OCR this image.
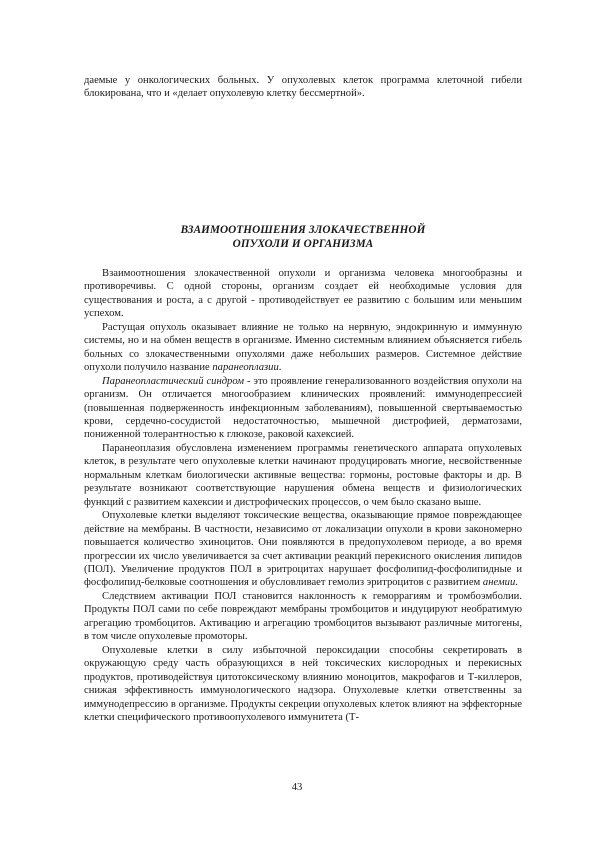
даемые у онкологических больных. У опухолевых клеток программа клеточной гибели блокирована, что и «делает опухолевую клетку бессмертной».

ВЗАИМООТНОШЕНИЯ ЗЛОКАЧЕСТВЕННОЙ
ОПУХОЛИ И ОРГАНИЗМА

Взаимоотношения злокачественной опухоли и организма человека многообразны и противоречивы. С одной стороны, организм создает ей необходимые условия для существования и роста, а с другой - противодействует ее развитию с большим или меньшим успехом.

Растущая опухоль оказывает влияние не только на нервную, эндокринную и иммунную системы, но и на обмен веществ в организме. Именно системным влиянием объясняется гибель больных со злокачественными опухолями даже небольших размеров. Системное действие опухоли получило название паранеоплазии.

Паранеопластический синдром - это проявление генерализованного воздействия опухоли на организм. Он отличается многообразием клинических проявлений: иммунодепрессией (повышенная подверженность инфекционным заболеваниям), повышенной свертываемостью крови, сердечно-сосудистой недостаточностью, мышечной дистрофией, дерматозами, пониженной толерантностью к глюкозе, раковой кахексией.

Паранеоплазия обусловлена изменением программы генетического аппарата опухолевых клеток, в результате чего опухолевые клетки начинают продуцировать многие, несвойственные нормальным клеткам биологически активные вещества: гормоны, ростовые факторы и др. В результате возникают соответствующие нарушения обмена веществ и физиологических функций с развитием кахексии и дистрофических процессов, о чем было сказано выше.

Опухолевые клетки выделяют токсические вещества, оказывающие прямое повреждающее действие на мембраны. В частности, независимо от локализации опухоли в крови закономерно повышается количество эхиноцитов. Они появляются в предопухолевом периоде, а во время прогрессии их число увеличивается за счет активации реакций перекисного окисления липидов (ПОЛ). Увеличение продуктов ПОЛ в эритроцитах нарушает фосфолипид-фосфолипидные и фосфолипид-белковые соотношения и обусловливает гемолиз эритроцитов с развитием анемии.

Следствием активации ПОЛ становится наклонность к геморрагиям и тромбоэмболии. Продукты ПОЛ сами по себе повреждают мембраны тромбоцитов и индуцируют необратимую агрегацию тромбоцитов. Активацию и агрегацию тромбоцитов вызывают различные митогены, в том числе опухолевые промоторы.

Опухолевые клетки в силу избыточной пероксидации способны секретировать в окружающую среду часть образующихся в ней токсических кислородных и перекисных продуктов, противодействуя цитотоксическому влиянию моноцитов, макрофагов и Т-киллеров, снижая эффективность иммунологического надзора. Опухолевые клетки ответственны за иммунодепрессию в организме. Продукты секреции опухолевых клеток влияют на эффекторные клетки специфического противоопухолевого иммунитета (Т-

43
